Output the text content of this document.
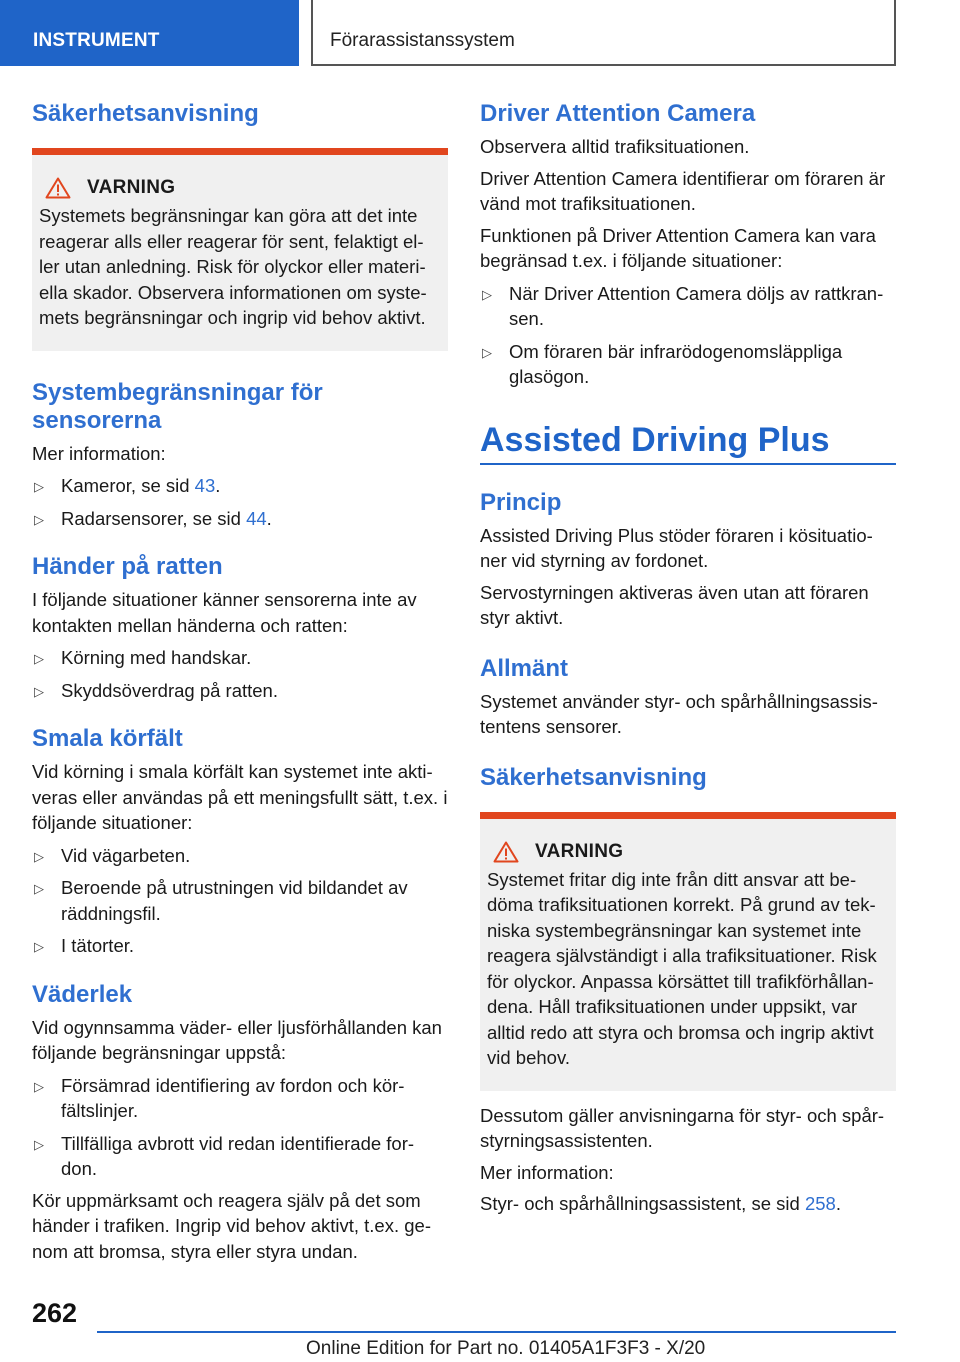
INSTRUMENT	Förarassistanssystem
Säkerhetsanvisning
VARNING

Systemets begränsningar kan göra att det inte reagerar alls eller reagerar för sent, felaktigt el-ler utan anledning. Risk för olyckor eller materi-ella skador. Observera informationen om syste-mets begränsningar och ingrip vid behov aktivt.

Systembegränsningar för sensorerna

Mer information:

▷ Kameror, se sid 43.
▷ Radarsensorer, se sid 44.
Händer på ratten

I följande situationer känner sensorerna inte av kontakten mellan händerna och ratten:

▷ Körning med handskar.
▷ Skyddsöverdrag på ratten.
Smala körfält

Vid körning i smala körfält kan systemet inte akti-veras eller användas på ett meningsfullt sätt, t.ex. i följande situationer:

▷ Vid vägarbeten.
▷ Beroende på utrustningen vid bildandet av räddningsfil.
▷ I tätorter.
Väderlek

Vid ogynnsamma väder- eller ljusförhållanden kan följande begränsningar uppstå:

▷ Försämrad identifiering av fordon och kör-fältslinjer.
▷ Tillfälliga avbrott vid redan identifierade for-don.

Kör uppmärksamt och reagera själv på det som händer i trafiken. Ingrip vid behov aktivt, t.ex. ge-nom att bromsa, styra eller styra undan.

Driver Attention Camera

Observera alltid trafiksituationen.

Driver Attention Camera identifierar om föraren är vänd mot trafiksituationen.

Funktionen på Driver Attention Camera kan vara begränsad t.ex. i följande situationer:

▷ När Driver Attention Camera döljs av rattkran-sen.
▷ Om föraren bär infrarödogenomsläppliga glasögon.
Assisted Driving Plus
Princip

Assisted Driving Plus stöder föraren i kösituatio-ner vid styrning av fordonet.

Servostyrningen aktiveras även utan att föraren styr aktivt.

Allmänt

Systemet använder styr- och spårhållningsassis-tentens sensorer.

Säkerhetsanvisning
VARNING

Systemet fritar dig inte från ditt ansvar att be-döma trafiksituationen korrekt. På grund av tek-niska systembegränsningar kan systemet inte reagera självständigt i alla trafiksituationer. Risk för olyckor. Anpassa körsättet till trafikförhållan-dena. Håll trafiksituationen under uppsikt, var alltid redo att styra och bromsa och ingrip aktivt vid behov.

Dessutom gäller anvisningarna för styr- och spår-styrningsassistenten.

Mer information:

Styr- och spårhållningsassistent, se sid 258.

262
Online Edition for Part no. 01405A1F3F3 - X/20
